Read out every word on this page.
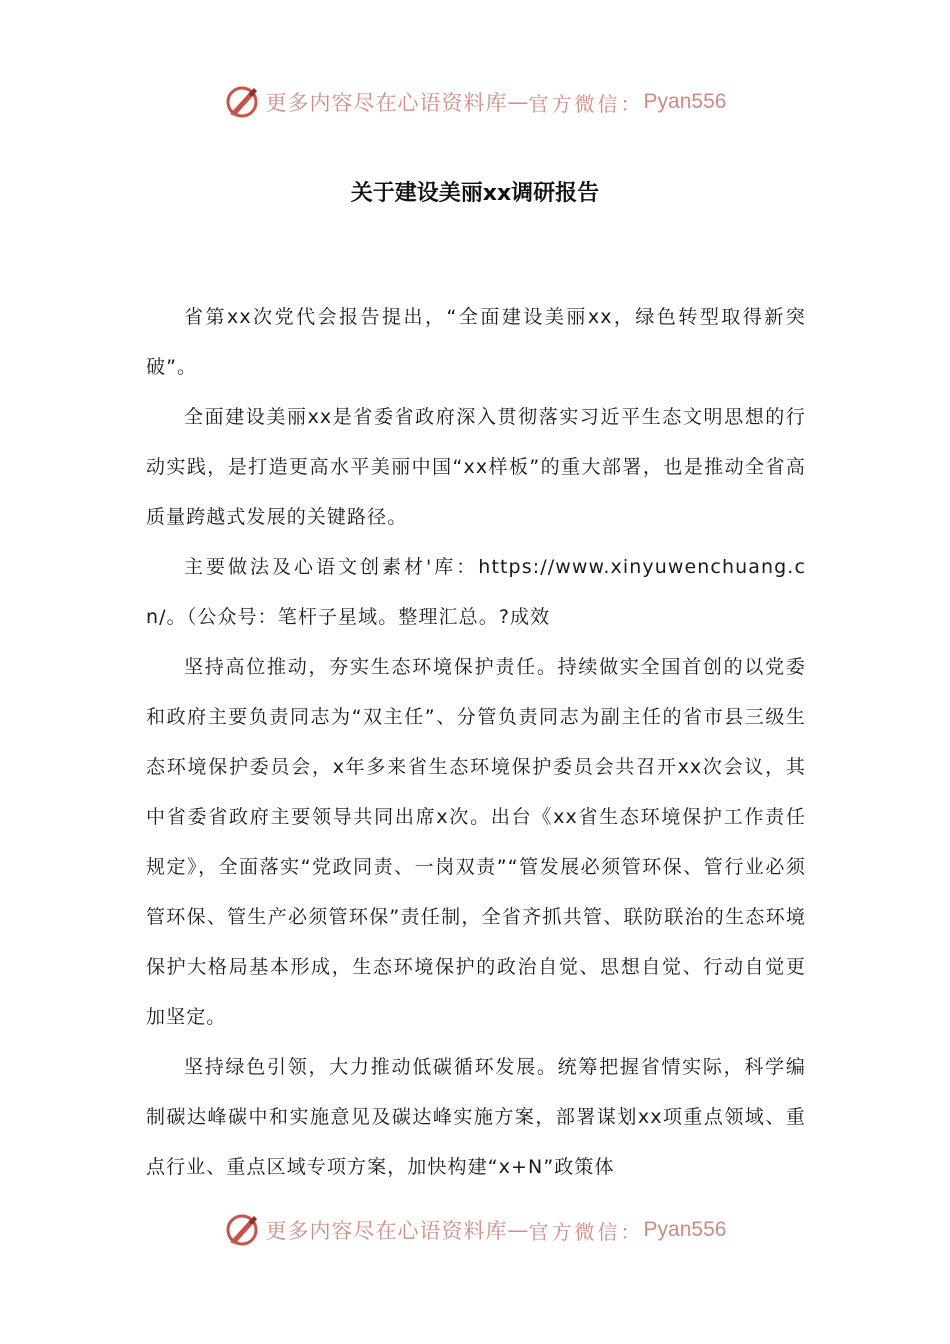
更多内容尽在心语资料库 — 官方微信： Pyan556
关于建设美丽xx调研报告

省第xx次党代会报告提出，“全面建设美丽xx，绿色转型取得新突破”。

全面建设美丽xx是省委省政府深入贯彻落实习近平生态文明思想的行动实践，是打造更高水平美丽中国“xx样板”的重大部署，也是推动全省高质量跨越式发展的关键路径。

主要做法及心语文创素材'库：https://www.xinyuwenchuang.cn/。（公众号：笔杆子星域。整理汇总。?成效

坚持高位推动，夯实生态环境保护责任。持续做实全国首创的以党委和政府主要负责同志为“双主任”、分管负责同志为副主任的省市县三级生态环境保护委员会，x年多来省生态环境保护委员会共召开xx次会议，其中省委省政府主要领导共同出席x次。出台《xx省生态环境保护工作责任规定》，全面落实“党政同责、一岗双责”“管发展必须管环保、管行业必须管环保、管生产必须管环保”责任制，全省齐抓共管、联防联治的生态环境保护大格局基本形成，生态环境保护的政治自觉、思想自觉、行动自觉更加坚定。

坚持绿色引领，大力推动低碳循环发展。统筹把握省情实际，科学编制碳达峰碳中和实施意见及碳达峰实施方案，部署谋划xx项重点领域、重点行业、重点区域专项方案，加快构建“x+N”政策体

更多内容尽在心语资料库 — 官方微信： Pyan556
